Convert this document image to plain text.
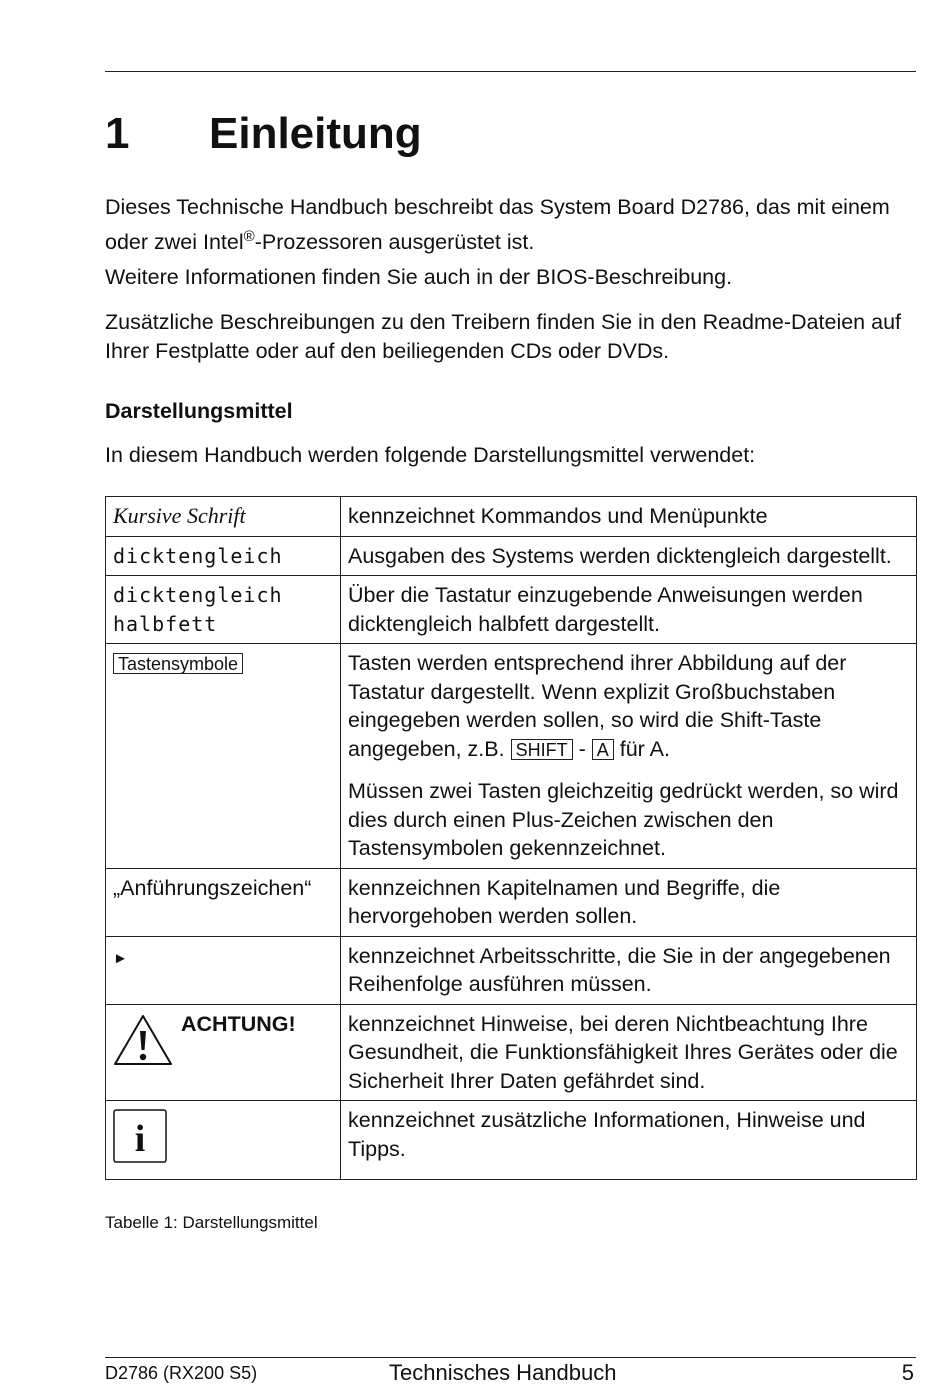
1 Einleitung

Dieses Technische Handbuch beschreibt das System Board D2786, das mit einem oder zwei Intel®-Prozessoren ausgerüstet ist.

Weitere Informationen finden Sie auch in der BIOS-Beschreibung.

Zusätzliche Beschreibungen zu den Treibern finden Sie in den Readme-Dateien auf Ihrer Festplatte oder auf den beiliegenden CDs oder DVDs.

Darstellungsmittel

In diesem Handbuch werden folgende Darstellungsmittel verwendet:

Kursive Schrift	kennzeichnet Kommandos und Menüpunkte
dicktengleich	Ausgaben des Systems werden dicktengleich dargestellt.
dicktengleich halbfett	Über die Tastatur einzugebende Anweisungen werden dicktengleich halbfett dargestellt.
Tastensymbole	Tasten werden entsprechend ihrer Abbildung auf der Tastatur dargestellt. Wenn explizit Großbuchstaben eingegeben werden sollen, so wird die Shift-Taste angegeben, z.B. SHIFT - A für A.

Müssen zwei Tasten gleichzeitig gedrückt werden, so wird dies durch einen Plus-Zeichen zwischen den Tastensymbolen gekennzeichnet.

„Anführungszeichen“	kennzeichnen Kapitelnamen und Begriffe, die hervorgehoben werden sollen.
►	kennzeichnet Arbeitsschritte, die Sie in der angegebenen Reihenfolge ausführen müssen.

ACHTUNG!	kennzeichnet Hinweise, bei deren Nichtbeachtung Ihre Gesundheit, die Funktionsfähigkeit Ihres Gerätes oder die Sicherheit Ihrer Daten gefährdet sind.

i	kennzeichnet zusätzliche Informationen, Hinweise und Tipps.

Tabelle 1: Darstellungsmittel

D2786 (RX200 S5)	Technisches Handbuch	5
